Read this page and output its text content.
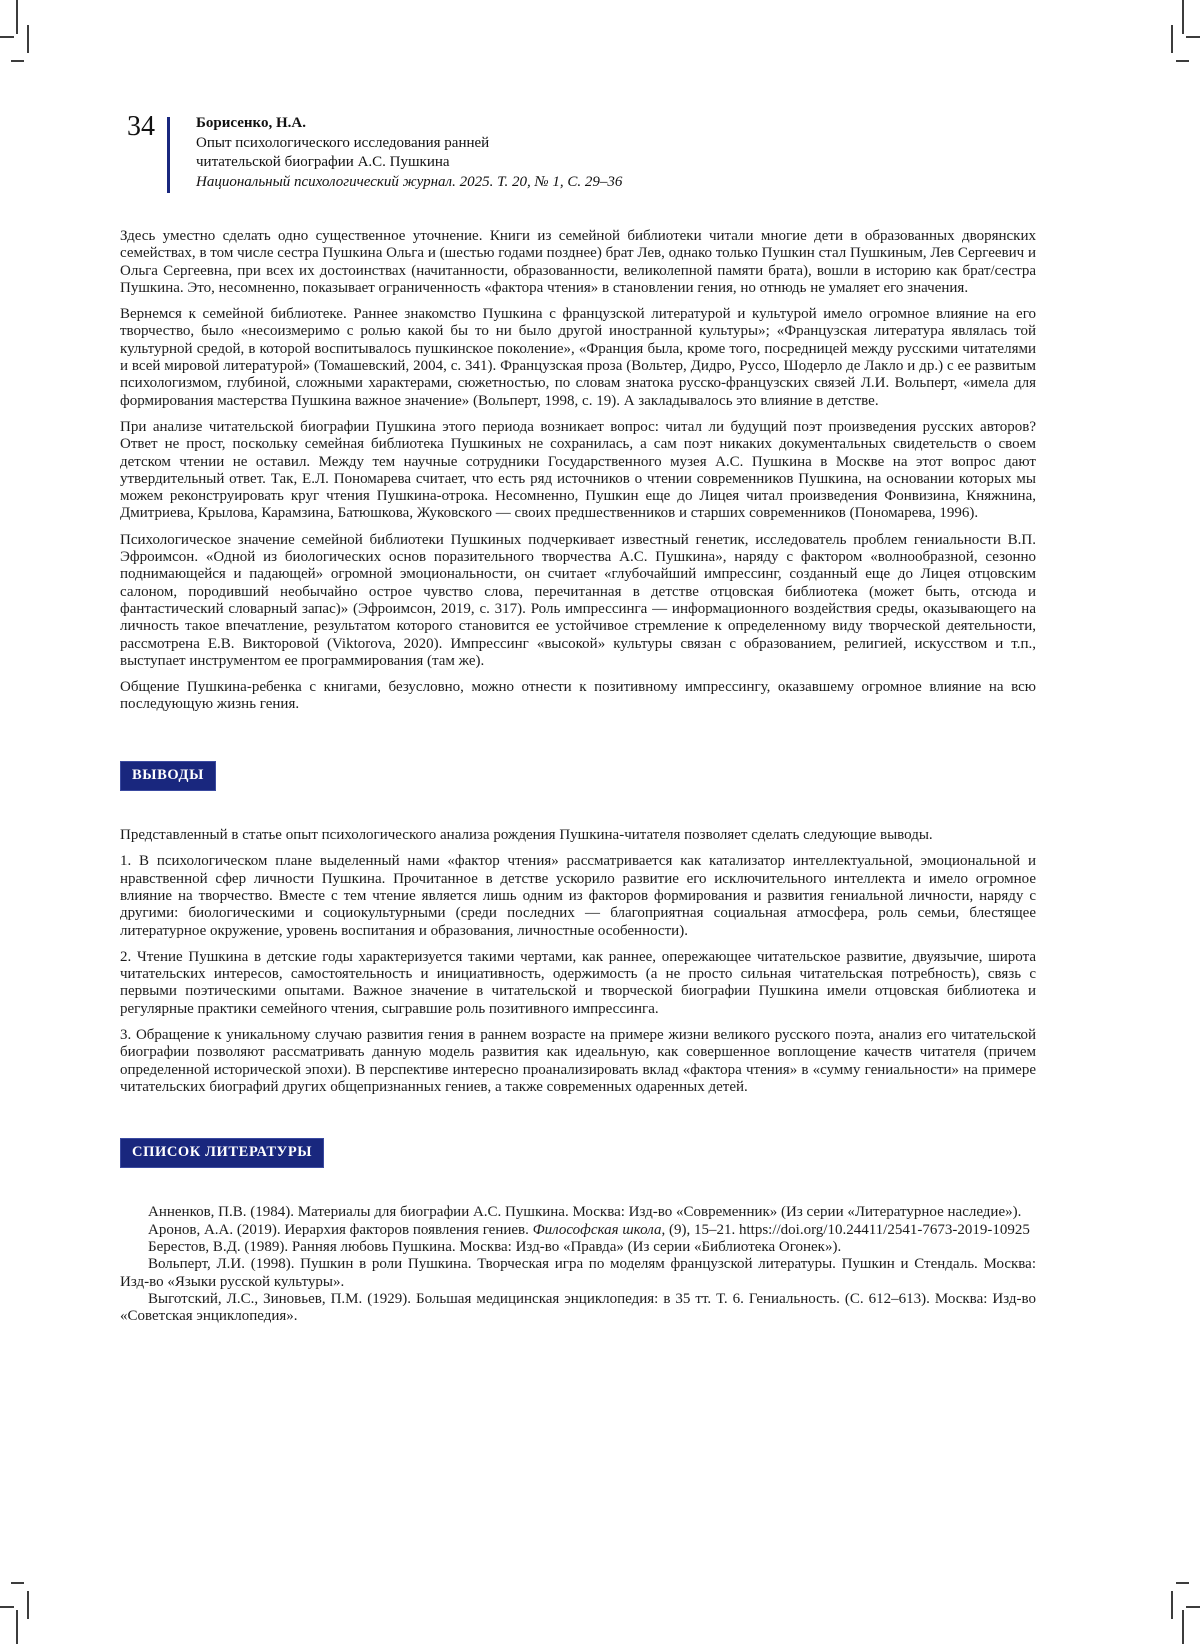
34	Борисенко, Н.А.
Опыт психологического исследования ранней
читательской биографии А.С. Пушкина
Национальный психологический журнал. 2025. Т. 20, № 1, С. 29–36

Здесь уместно сделать одно существенное уточнение. Книги из семейной библиотеки читали многие дети в образованных дворянских семействах, в том числе сестра Пушкина Ольга и (шестью годами позднее) брат Лев, однако только Пушкин стал Пушкиным, Лев Сергеевич и Ольга Сергеевна, при всех их достоинствах (начитанности, образованности, великолепной памяти брата), вошли в историю как брат/сестра Пушкина. Это, несомненно, показывает ограниченность «фактора чтения» в становлении гения, но отнюдь не умаляет его значения.

Вернемся к семейной библиотеке. Раннее знакомство Пушкина с французской литературой и культурой имело огромное влияние на его творчество, было «несоизмеримо с ролью какой бы то ни было другой иностранной культуры»; «Французская литература являлась той культурной средой, в которой воспитывалось пушкинское поколение», «Франция была, кроме того, посредницей между русскими читателями и всей мировой литературой» (Томашевский, 2004, с. 341). Французская проза (Вольтер, Дидро, Руссо, Шодерло де Лакло и др.) с ее развитым психологизмом, глубиной, сложными характерами, сюжетностью, по словам знатока русско-французских связей Л.И. Вольперт, «имела для формирования мастерства Пушкина важное значение» (Вольперт, 1998, с. 19). А закладывалось это влияние в детстве.

При анализе читательской биографии Пушкина этого периода возникает вопрос: читал ли будущий поэт произведения русских авторов? Ответ не прост, поскольку семейная библиотека Пушкиных не сохранилась, а сам поэт никаких документальных свидетельств о своем детском чтении не оставил. Между тем научные сотрудники Государственного музея А.С. Пушкина в Москве на этот вопрос дают утвердительный ответ. Так, Е.Л. Пономарева считает, что есть ряд источников о чтении современников Пушкина, на основании которых мы можем реконструировать круг чтения Пушкина-отрока. Несомненно, Пушкин еще до Лицея читал произведения Фонвизина, Княжнина, Дмитриева, Крылова, Карамзина, Батюшкова, Жуковского — своих предшественников и старших современников (Пономарева, 1996).

Психологическое значение семейной библиотеки Пушкиных подчеркивает известный генетик, исследователь проблем гениальности В.П. Эфроимсон. «Одной из биологических основ поразительного творчества А.С. Пушкина», наряду с фактором «волнообразной, сезонно поднимающейся и падающей» огромной эмоциональности, он считает «глубочайший импрессинг, созданный еще до Лицея отцовским салоном, породивший необычайно острое чувство слова, перечитанная в детстве отцовская библиотека (может быть, отсюда и фантастический словарный запас)» (Эфроимсон, 2019, с. 317). Роль импрессинга — информационного воздействия среды, оказывающего на личность такое впечатление, результатом которого становится ее устойчивое стремление к определенному виду творческой деятельности, рассмотрена Е.В. Викторовой (Viktorova, 2020). Импрессинг «высокой» культуры связан с образованием, религией, искусством и т.п., выступает инструментом ее программирования (там же).

Общение Пушкина-ребенка с книгами, безусловно, можно отнести к позитивному импрессингу, оказавшему огромное влияние на всю последующую жизнь гения.

ВЫВОДЫ

Представленный в статье опыт психологического анализа рождения Пушкина-читателя позволяет сделать следующие выводы.

1. В психологическом плане выделенный нами «фактор чтения» рассматривается как катализатор интеллектуальной, эмоциональной и нравственной сфер личности Пушкина. Прочитанное в детстве ускорило развитие его исключительного интеллекта и имело огромное влияние на творчество. Вместе с тем чтение является лишь одним из факторов формирования и развития гениальной личности, наряду с другими: биологическими и социокультурными (среди последних — благоприятная социальная атмосфера, роль семьи, блестящее литературное окружение, уровень воспитания и образования, личностные особенности).

2. Чтение Пушкина в детские годы характеризуется такими чертами, как раннее, опережающее читательское развитие, двуязычие, широта читательских интересов, самостоятельность и инициативность, одержимость (а не просто сильная читательская потребность), связь с первыми поэтическими опытами. Важное значение в читательской и творческой биографии Пушкина имели отцовская библиотека и регулярные практики семейного чтения, сыгравшие роль позитивного импрессинга.

3. Обращение к уникальному случаю развития гения в раннем возрасте на примере жизни великого русского поэта, анализ его читательской биографии позволяют рассматривать данную модель развития как идеальную, как совершенное воплощение качеств читателя (причем определенной исторической эпохи). В перспективе интересно проанализировать вклад «фактора чтения» в «сумму гениальности» на примере читательских биографий других общепризнанных гениев, а также современных одаренных детей.

СПИСОК ЛИТЕРАТУРЫ

Анненков, П.В. (1984). Материалы для биографии А.С. Пушкина. Москва: Изд-во «Современник» (Из серии «Литературное наследие»).

Аронов, А.А. (2019). Иерархия факторов появления гениев. Философская школа, (9), 15–21. https://doi.org/10.24411/2541-7673-2019-10925

Берестов, В.Д. (1989). Ранняя любовь Пушкина. Москва: Изд-во «Правда» (Из серии «Библиотека Огонек»).

Вольперт, Л.И. (1998). Пушкин в роли Пушкина. Творческая игра по моделям французской литературы. Пушкин и Стендаль. Москва: Изд-во «Языки русской культуры».

Выготский, Л.С., Зиновьев, П.М. (1929). Большая медицинская энциклопедия: в 35 тт. Т. 6. Гениальность. (С. 612–613). Москва: Изд-во «Советская энциклопедия».
